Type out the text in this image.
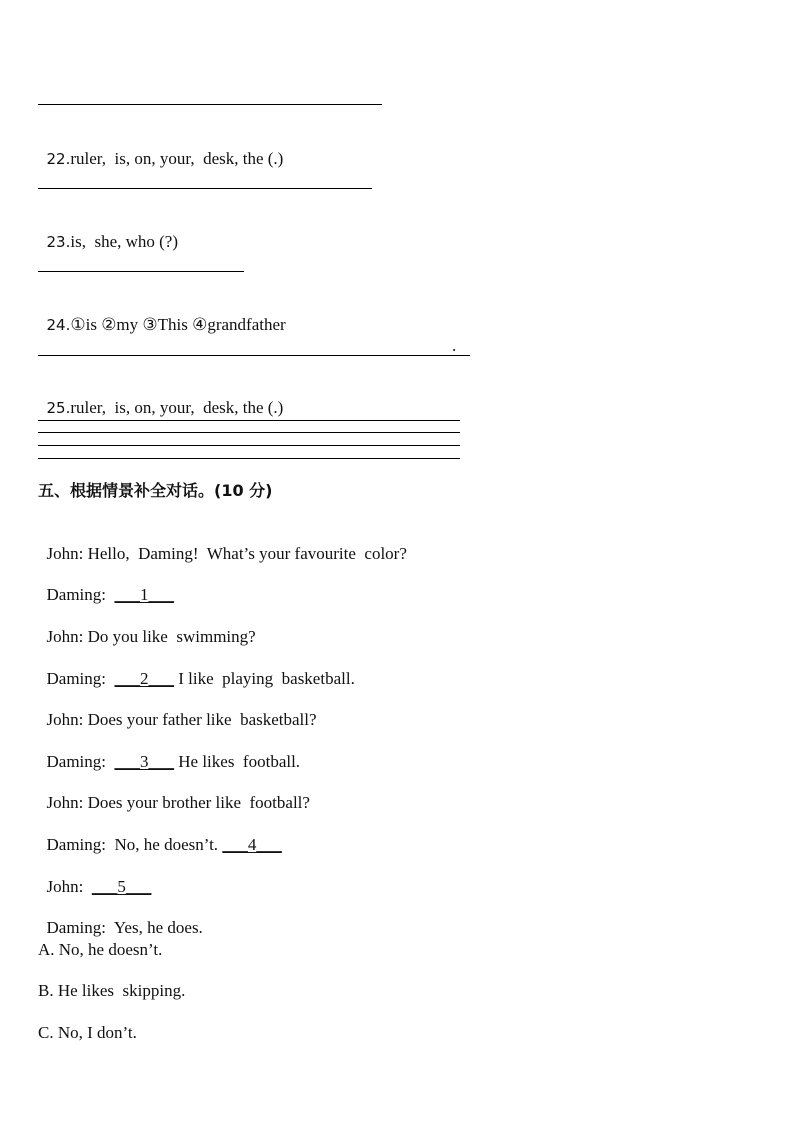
22.ruler,  is, on, your,  desk, the (.)

23.is,  she, who (?)

24.①is ②my ③This ④grandfather

.

25.ruler,  is, on, your,  desk, the (.)

五、根据情景补全对话。(10 分)

John: Hello,  Daming!  What’s your favourite  color?

Daming:  ___1___

John: Do you like  swimming?

Daming:  ___2___ I like  playing  basketball.

John: Does your father like  basketball?

Daming:  ___3___ He likes  football.

John: Does your brother like  football?

Daming:  No, he doesn’t. ___4___

John:  ___5___

Daming:  Yes, he does.

A. No, he doesn’t.
B. He likes  skipping.
C. No, I don’t.
